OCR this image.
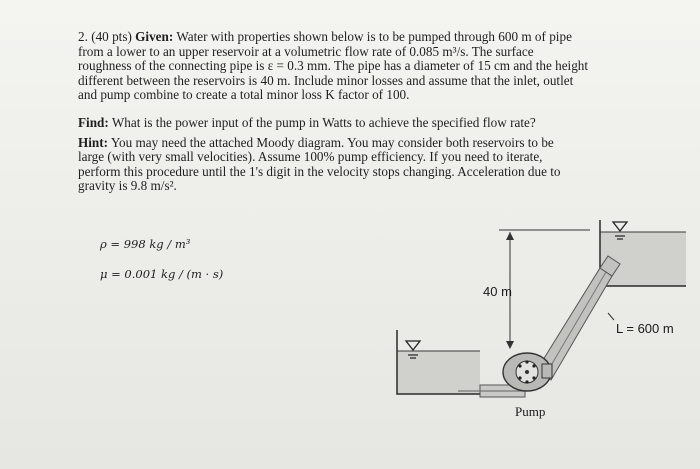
2. (40 pts) Given: Water with properties shown below is to be pumped through 600 m of pipe
from a lower to an upper reservoir at a volumetric flow rate of 0.085 m³/s. The surface
roughness of the connecting pipe is ε = 0.3 mm. The pipe has a diameter of 15 cm and the height
different between the reservoirs is 40 m. Include minor losses and assume that the inlet, outlet
and pump combine to create a total minor loss K factor of 100.

Find: What is the power input of the pump in Watts to achieve the specified flow rate?

Hint: You may need the attached Moody diagram. You may consider both reservoirs to be
large (with very small velocities). Assume 100% pump efficiency. If you need to iterate,
perform this procedure until the 1's digit in the velocity stops changing. Acceleration due to
gravity is 9.8 m/s².

ρ = 998 kg / m³
μ = 0.001 kg / (m · s)
40 m
L = 600 m
Pump
